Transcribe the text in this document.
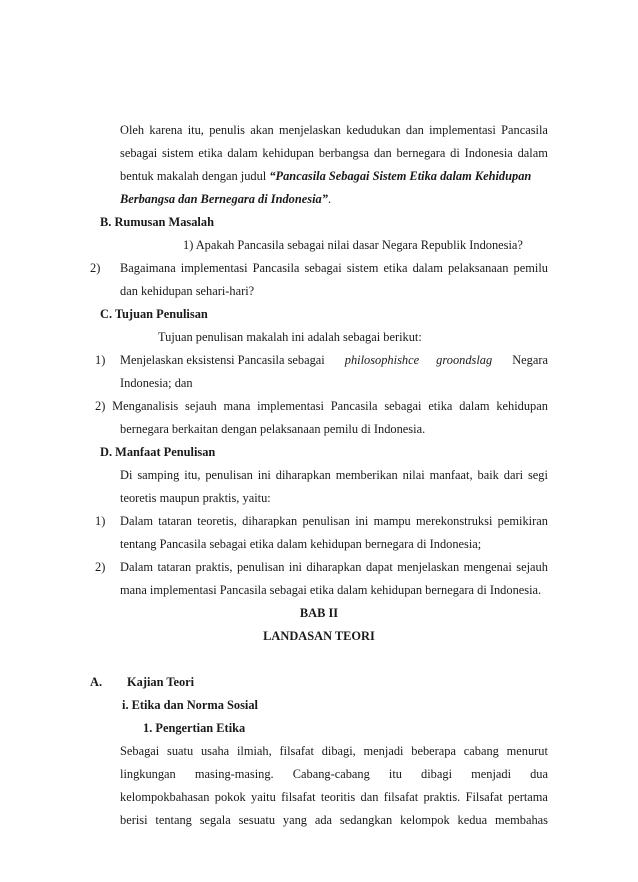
Oleh karena itu, penulis akan menjelaskan kedudukan dan implementasi Pancasila
sebagai sistem etika dalam kehidupan berbangsa dan bernegara di Indonesia dalam
bentuk makalah dengan judul “Pancasila Sebagai Sistem Etika dalam Kehidupan
Berbangsa dan Bernegara di Indonesia”.
B. Rumusan Masalah
1) Apakah Pancasila sebagai nilai dasar Negara Republik Indonesia?
2) Bagaimana implementasi Pancasila sebagai sistem etika dalam pelaksanaan pemilu
dan kehidupan sehari-hari?
C. Tujuan Penulisan
Tujuan penulisan makalah ini adalah sebagai berikut:
1) Menjelaskan eksistensi Pancasila sebagai philosophishce groondslag Negara
Indonesia; dan
2) Menganalisis sejauh mana implementasi Pancasila sebagai etika dalam kehidupan
bernegara berkaitan dengan pelaksanaan pemilu di Indonesia.
D. Manfaat Penulisan
Di samping itu, penulisan ini diharapkan memberikan nilai manfaat, baik dari segi
teoretis maupun praktis, yaitu:
1) Dalam tataran teoretis, diharapkan penulisan ini mampu merekonstruksi pemikiran
tentang Pancasila sebagai etika dalam kehidupan bernegara di Indonesia;
2) Dalam tataran praktis, penulisan ini diharapkan dapat menjelaskan mengenai sejauh
mana implementasi Pancasila sebagai etika dalam kehidupan bernegara di Indonesia.
BAB II
LANDASAN TEORI
A. Kajian Teori
i. Etika dan Norma Sosial
1. Pengertian Etika
Sebagai suatu usaha ilmiah, filsafat dibagi, menjadi beberapa cabang menurut
lingkungan masing-masing. Cabang-cabang itu dibagi menjadi dua
kelompokbahasan pokok yaitu filsafat teoritis dan filsafat praktis. Filsafat pertama
berisi tentang segala sesuatu yang ada sedangkan kelompok kedua membahas
